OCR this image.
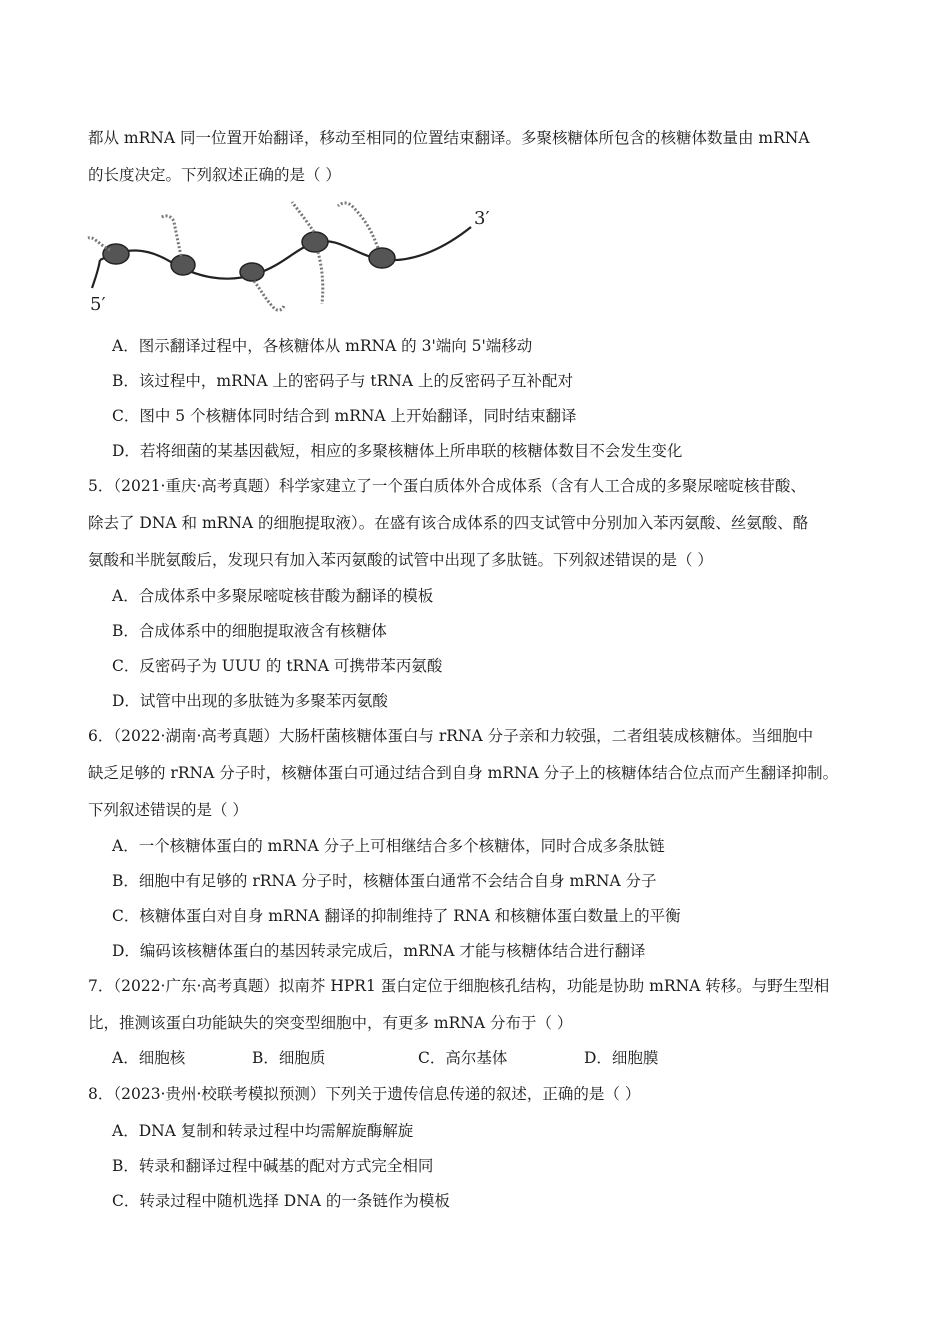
都从 mRNA 同一位置开始翻译，移动至相同的位置结束翻译。多聚核糖体所包含的核糖体数量由 mRNA
的长度决定。下列叙述正确的是（ ）
5′
3′
A．图示翻译过程中，各核糖体从 mRNA 的 3'端向 5'端移动
B．该过程中，mRNA 上的密码子与 tRNA 上的反密码子互补配对
C．图中 5 个核糖体同时结合到 mRNA 上开始翻译，同时结束翻译
D．若将细菌的某基因截短，相应的多聚核糖体上所串联的核糖体数目不会发生变化
5．（2021·重庆·高考真题）科学家建立了一个蛋白质体外合成体系（含有人工合成的多聚尿嘧啶核苷酸、
除去了 DNA 和 mRNA 的细胞提取液）。在盛有该合成体系的四支试管中分别加入苯丙氨酸、丝氨酸、酪
氨酸和半胱氨酸后，发现只有加入苯丙氨酸的试管中出现了多肽链。下列叙述错误的是（ ）
A．合成体系中多聚尿嘧啶核苷酸为翻译的模板
B．合成体系中的细胞提取液含有核糖体
C．反密码子为 UUU 的 tRNA 可携带苯丙氨酸
D．试管中出现的多肽链为多聚苯丙氨酸
6．（2022·湖南·高考真题）大肠杆菌核糖体蛋白与 rRNA 分子亲和力较强，二者组装成核糖体。当细胞中
缺乏足够的 rRNA 分子时，核糖体蛋白可通过结合到自身 mRNA 分子上的核糖体结合位点而产生翻译抑制。
下列叙述错误的是（ ）
A．一个核糖体蛋白的 mRNA 分子上可相继结合多个核糖体，同时合成多条肽链
B．细胞中有足够的 rRNA 分子时，核糖体蛋白通常不会结合自身 mRNA 分子
C．核糖体蛋白对自身 mRNA 翻译的抑制维持了 RNA 和核糖体蛋白数量上的平衡
D．编码该核糖体蛋白的基因转录完成后，mRNA 才能与核糖体结合进行翻译
7．（2022·广东·高考真题）拟南芥 HPR1 蛋白定位于细胞核孔结构，功能是协助 mRNA 转移。与野生型相
比，推测该蛋白功能缺失的突变型细胞中，有更多 mRNA 分布于（ ）
A．细胞核	B．细胞质	C．高尔基体	D．细胞膜
8．（2023·贵州·校联考模拟预测）下列关于遗传信息传递的叙述，正确的是（ ）
A．DNA 复制和转录过程中均需解旋酶解旋
B．转录和翻译过程中碱基的配对方式完全相同
C．转录过程中随机选择 DNA 的一条链作为模板
